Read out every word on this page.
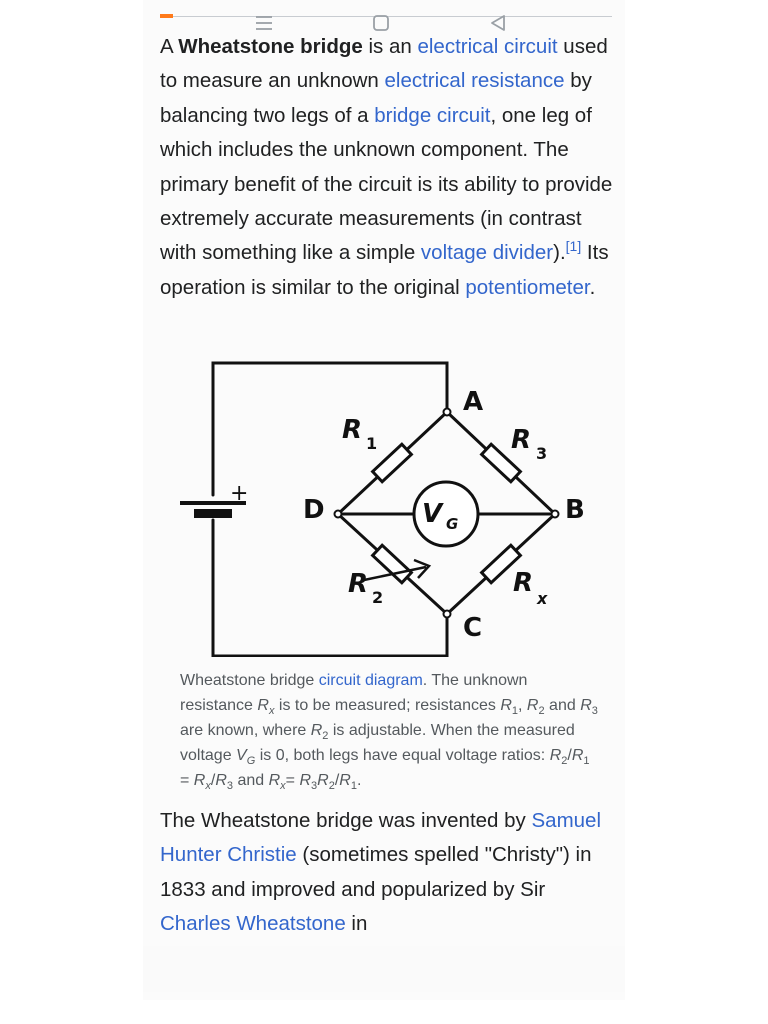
A Wheatstone bridge is an electrical circuit used to measure an unknown electrical resistance by balancing two legs of a bridge circuit, one leg of which includes the unknown component. The primary benefit of the circuit is its ability to provide extremely accurate measurements (in contrast with something like a simple voltage divider).[1] Its operation is similar to the original potentiometer.
+
A
B
C
D
R 1	R 3
R 2	R
x
V G
Wheatstone bridge circuit diagram. The unknown resistance $R_x$ is to be measured; resistances $R_1$, $R_2$ and $R_3$ are known, where $R_2$ is adjustable. When the measured voltage $V_G$ is 0, both legs have equal voltage ratios: $R_2/R_1 = R_x/R_3$ and $R_x= R_3R_2/R_1$.
The Wheatstone bridge was invented by Samuel Hunter Christie (sometimes spelled "Christy") in 1833 and improved and popularized by Sir Charles Wheatstone in
